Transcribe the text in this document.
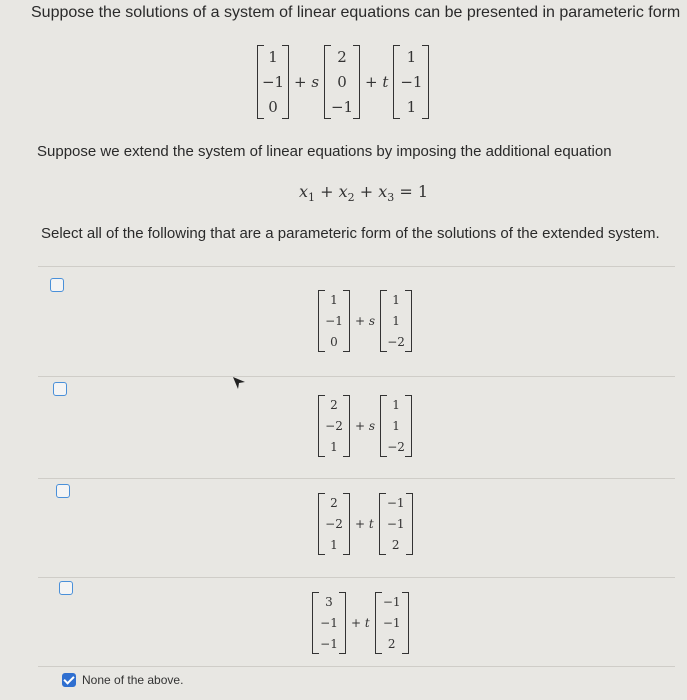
Suppose the solutions of a system of linear equations can be presented in parameteric form
1
−1
0
+ s
2
0
−1
+ t
1
−1
1
Suppose we extend the system of linear equations by imposing the additional equation
$x_1 + x_2 + x_3 = 1$
Select all of the following that are a parameteric form of the solutions of the extended system.
1
−1
0
+ s
1
1
−2
2
−2
1
+ s
1
1
−2
2
−2
1
+ t
−1
−1
2
3
−1
−1
+ t
−1
−1
2
None of the above.
